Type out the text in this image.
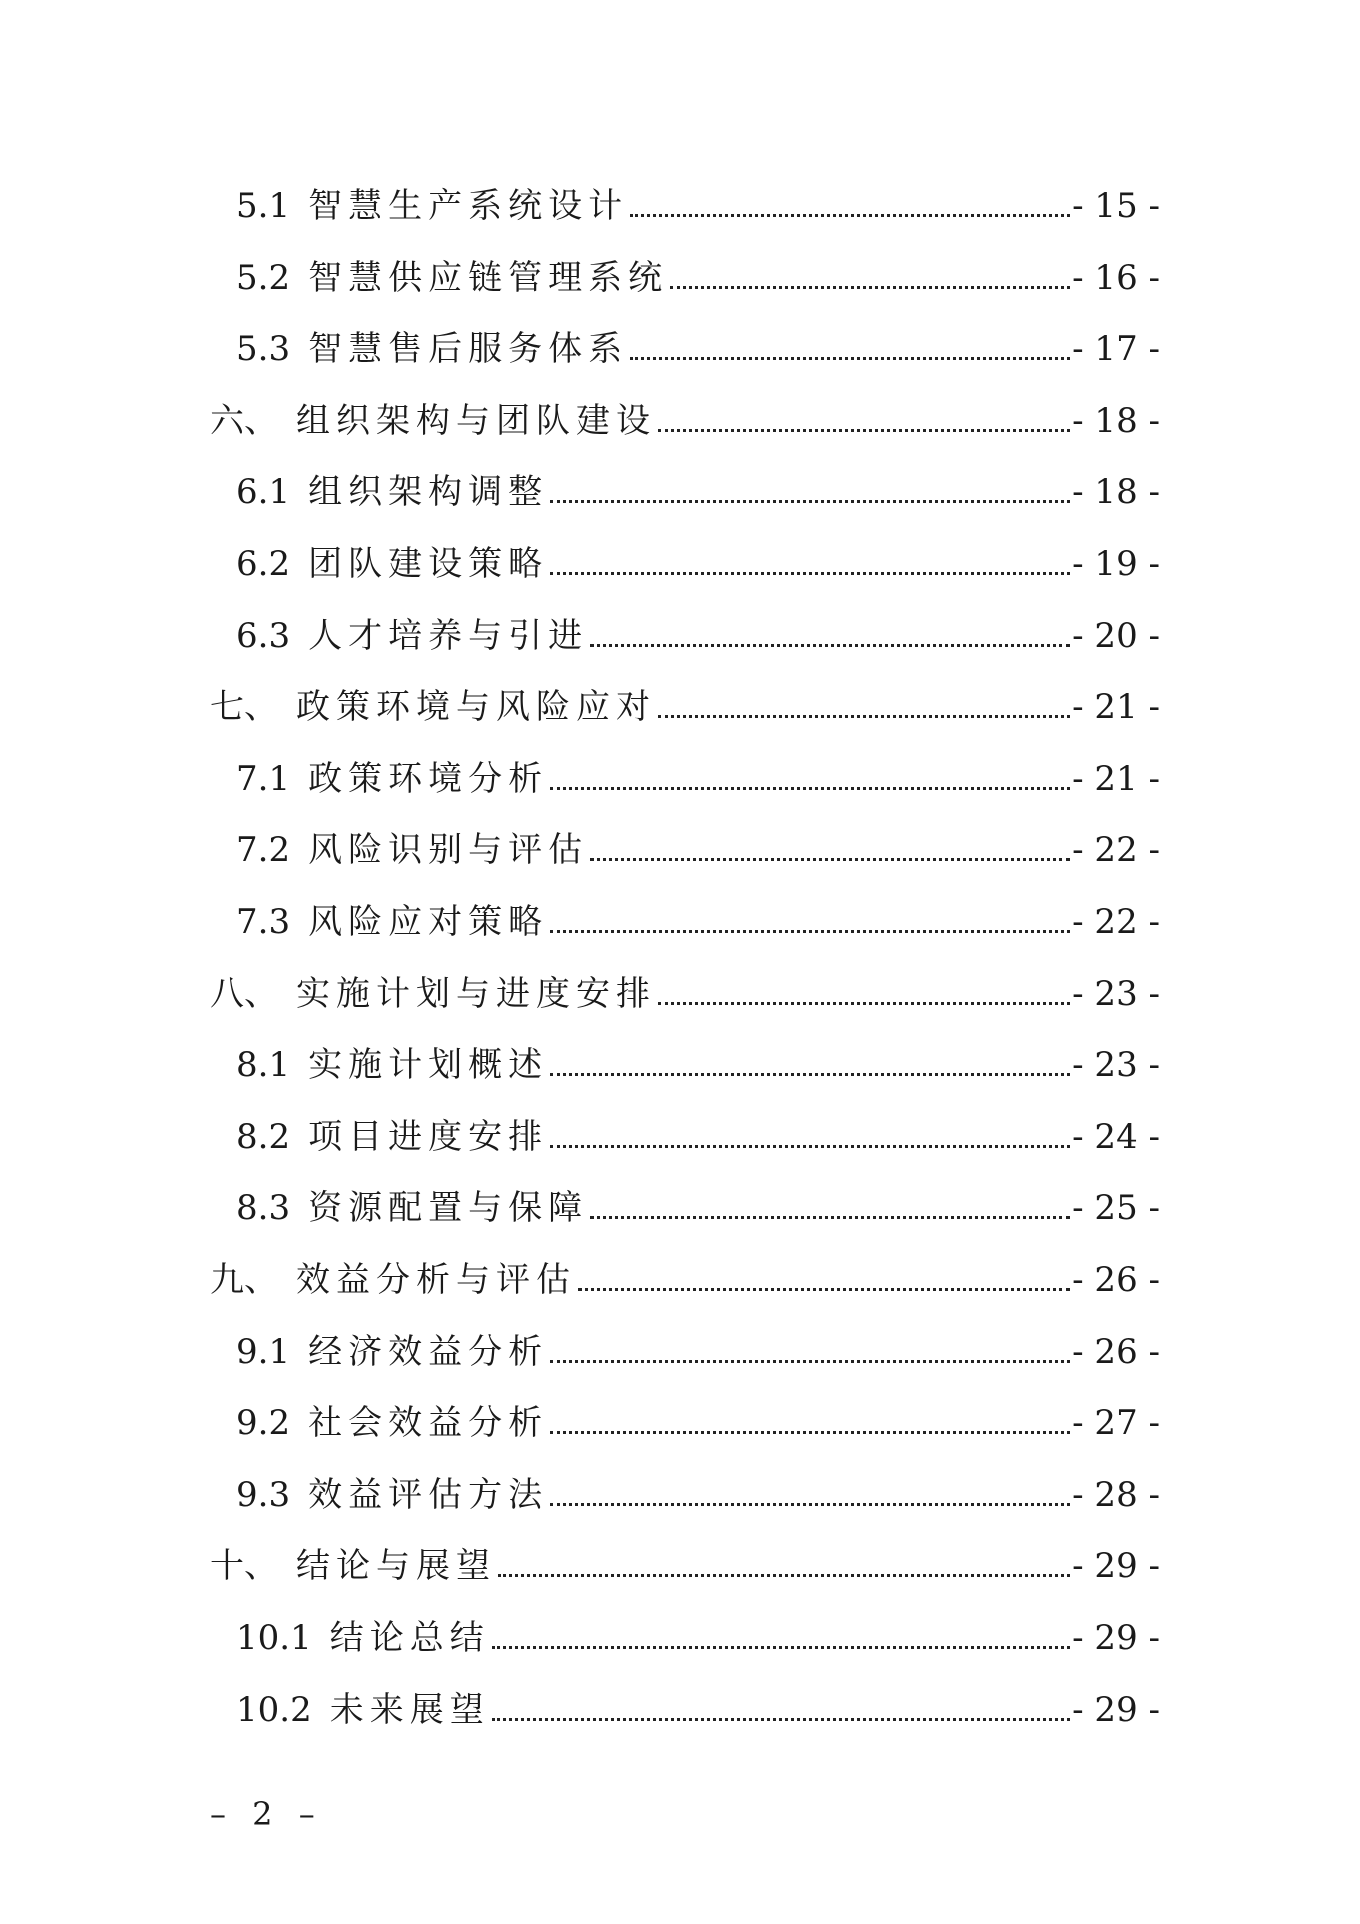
5.1 智慧生产系统设计	- 15 -
5.2 智慧供应链管理系统	- 16 -
5.3 智慧售后服务体系	- 17 -
六、 组织架构与团队建设	- 18 -
6.1 组织架构调整	- 18 -
6.2 团队建设策略	- 19 -
6.3 人才培养与引进	- 20 -
七、 政策环境与风险应对	- 21 -
7.1 政策环境分析	- 21 -
7.2 风险识别与评估	- 22 -
7.3 风险应对策略	- 22 -
八、 实施计划与进度安排	- 23 -
8.1 实施计划概述	- 23 -
8.2 项目进度安排	- 24 -
8.3 资源配置与保障	- 25 -
九、 效益分析与评估	- 26 -
9.1 经济效益分析	- 26 -
9.2 社会效益分析	- 27 -
9.3 效益评估方法	- 28 -
十、 结论与展望	- 29 -
10.1 结论总结	- 29 -
10.2 未来展望	- 29 -
– 2 –
